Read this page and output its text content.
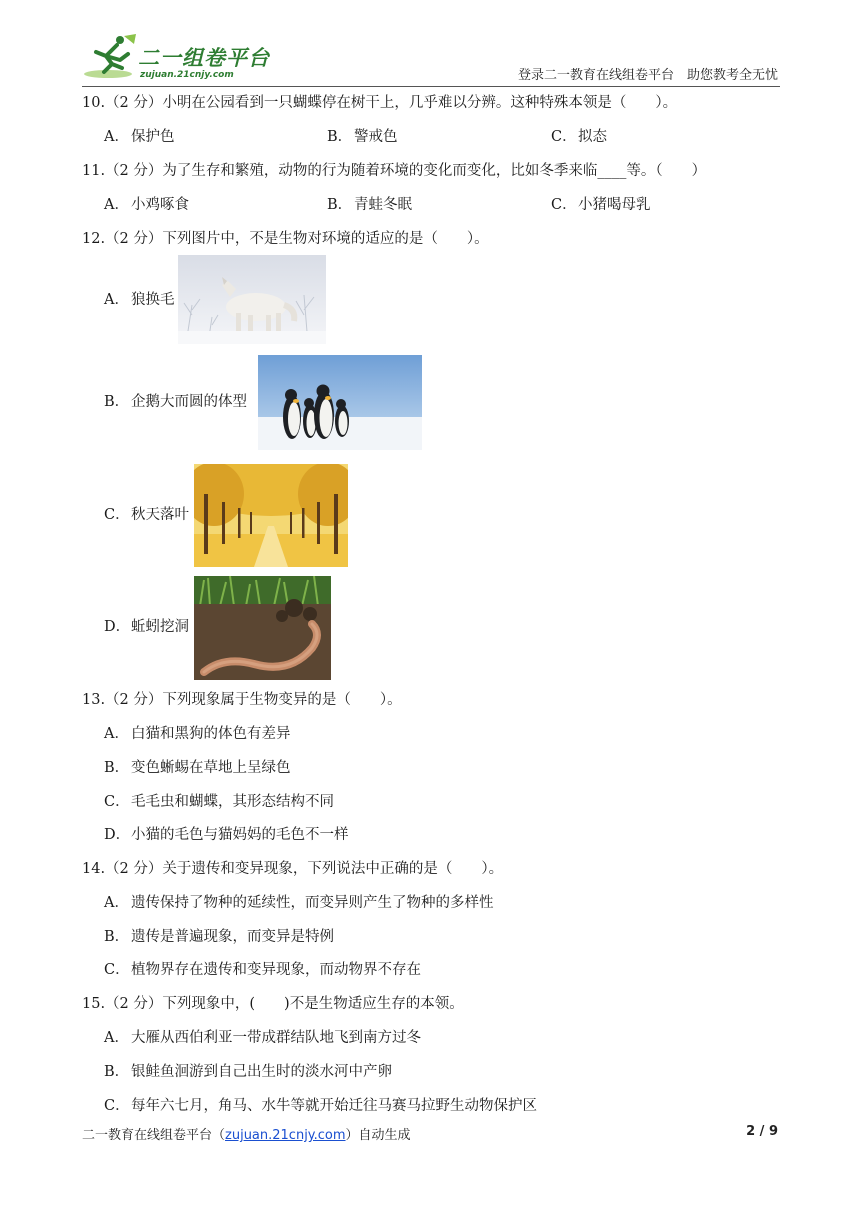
二一组卷平台
zujuan.21cnjy.com	登录二一教育在线组卷平台　助您教考全无忧
10.（2 分）小明在公园看到一只蝴蝶停在树干上，几乎难以分辨。这种特殊本领是（　　）。
A． 保护色	B． 警戒色	C．拟态
11.（2 分）为了生存和繁殖，动物的行为随着环境的变化而变化，比如冬季来临____等。（　　）
A． 小鸡啄食	B． 青蛙冬眠	C．小猪喝母乳
12.（2 分）下列图片中，不是生物对环境的适应的是（　　）。
A． 狼换毛
B． 企鹅大而圆的体型
C．秋天落叶
D．蚯蚓挖洞
13.（2 分）下列现象属于生物变异的是（　　）。
A． 白猫和黑狗的体色有差异
B． 变色蜥蜴在草地上呈绿色
C．毛毛虫和蝴蝶，其形态结构不同
D．小猫的毛色与猫妈妈的毛色不一样
14.（2 分）关于遗传和变异现象，下列说法中正确的是（　　）。
A． 遗传保持了物种的延续性，而变异则产生了物种的多样性
B． 遗传是普遍现象，而变异是特例
C．植物界存在遗传和变异现象，而动物界不存在
15.（2 分）下列现象中，(　　)不是生物适应生存的本领。
A． 大雁从西伯利亚一带成群结队地飞到南方过冬
B． 银鲑鱼洄游到自己出生时的淡水河中产卵
C．每年六七月，角马、水牛等就开始迁往马赛马拉野生动物保护区
二一教育在线组卷平台（zujuan.21cnjy.com）自动生成	2 / 9
